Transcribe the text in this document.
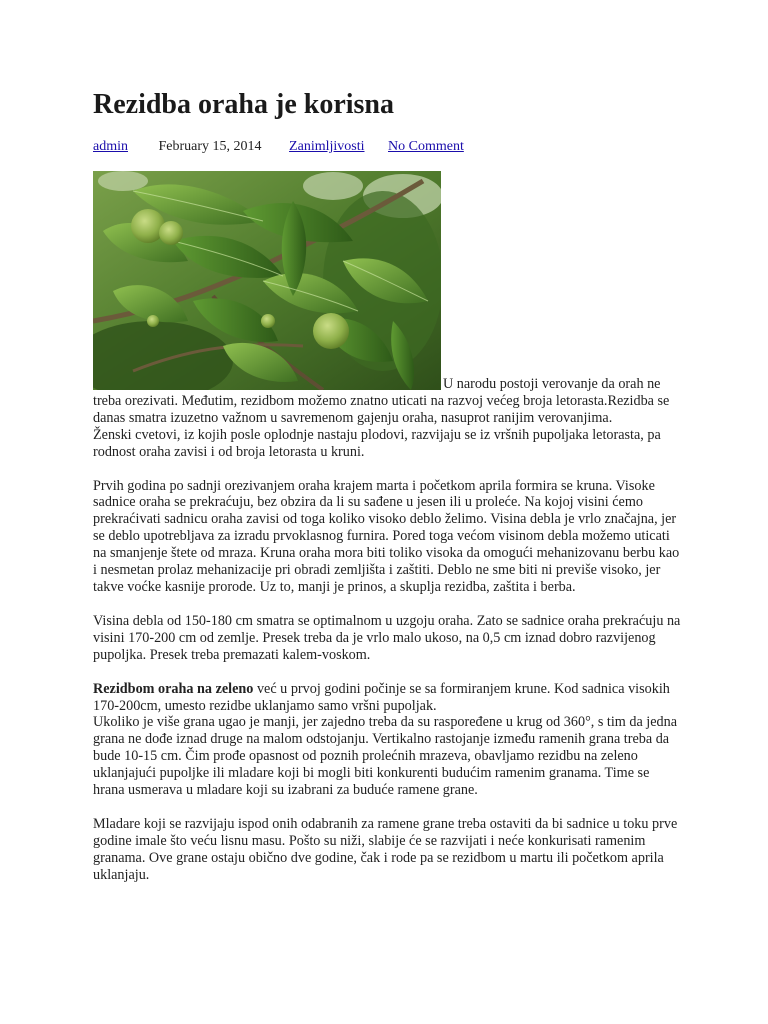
Rezidba oraha je korisna
admin February 15, 2014 Zanimljivosti No Comment

U narodu postoji verovanje da orah ne treba orezivati. Međutim, rezidbom možemo znatno uticati na razvoj većeg broja letorasta.Rezidba se danas smatra izuzetno važnom u savremenom gajenju oraha, nasuprot ranijim verovanjima.

Ženski cvetovi, iz kojih posle oplodnje nastaju plodovi, razvijaju se iz vršnih pupoljaka letorasta, pa rodnost oraha zavisi i od broja letorasta u kruni.

Prvih godina po sadnji orezivanjem oraha krajem marta i početkom aprila formira se kruna. Visoke sadnice oraha se prekraćuju, bez obzira da li su sađene u jesen ili u proleće. Na kojoj visini ćemo prekraćivati sadnicu oraha zavisi od toga koliko visoko deblo želimo. Visina debla je vrlo značajna, jer se deblo upotrebljava za izradu prvoklasnog furnira. Pored toga većom visinom debla možemo uticati na smanjenje štete od mraza. Kruna oraha mora biti toliko visoka da omogući mehanizovanu berbu kao i nesmetan prolaz mehanizacije pri obradi zemljišta i zaštiti. Deblo ne sme biti ni previše visoko, jer takve voćke kasnije prorode. Uz to, manji je prinos, a skuplja rezidba, zaštita i berba.

Visina debla od 150-180 cm smatra se optimalnom u uzgoju oraha. Zato se sadnice oraha prekraćuju na visini 170-200 cm od zemlje. Presek treba da je vrlo malo ukoso, na 0,5 cm iznad dobro razvijenog pupoljka. Presek treba premazati kalem-voskom.

Rezidbom oraha na zeleno već u prvoj godini počinje se sa formiranjem krune. Kod sadnica visokih 170-200cm, umesto rezidbe uklanjamo samo vršni pupoljak.

Ukoliko je više grana ugao je manji, jer zajedno treba da su raspoređene u krug od 360°, s tim da jedna grana ne dođe iznad druge na malom odstojanju. Vertikalno rastojanje između ramenih grana treba da bude 10-15 cm. Čim prođe opasnost od poznih prolećnih mrazeva, obavljamo rezidbu na zeleno uklanjajući pupoljke ili mladare koji bi mogli biti konkurenti budućim ramenim granama. Time se hrana usmerava u mladare koji su izabrani za buduće ramene grane.

Mladare koji se razvijaju ispod onih odabranih za ramene grane treba ostaviti da bi sadnice u toku prve godine imale što veću lisnu masu. Pošto su niži, slabije će se razvijati i neće konkurisati ramenim granama. Ove grane ostaju obično dve godine, čak i rode pa se rezidbom u martu ili početkom aprila uklanjaju.
